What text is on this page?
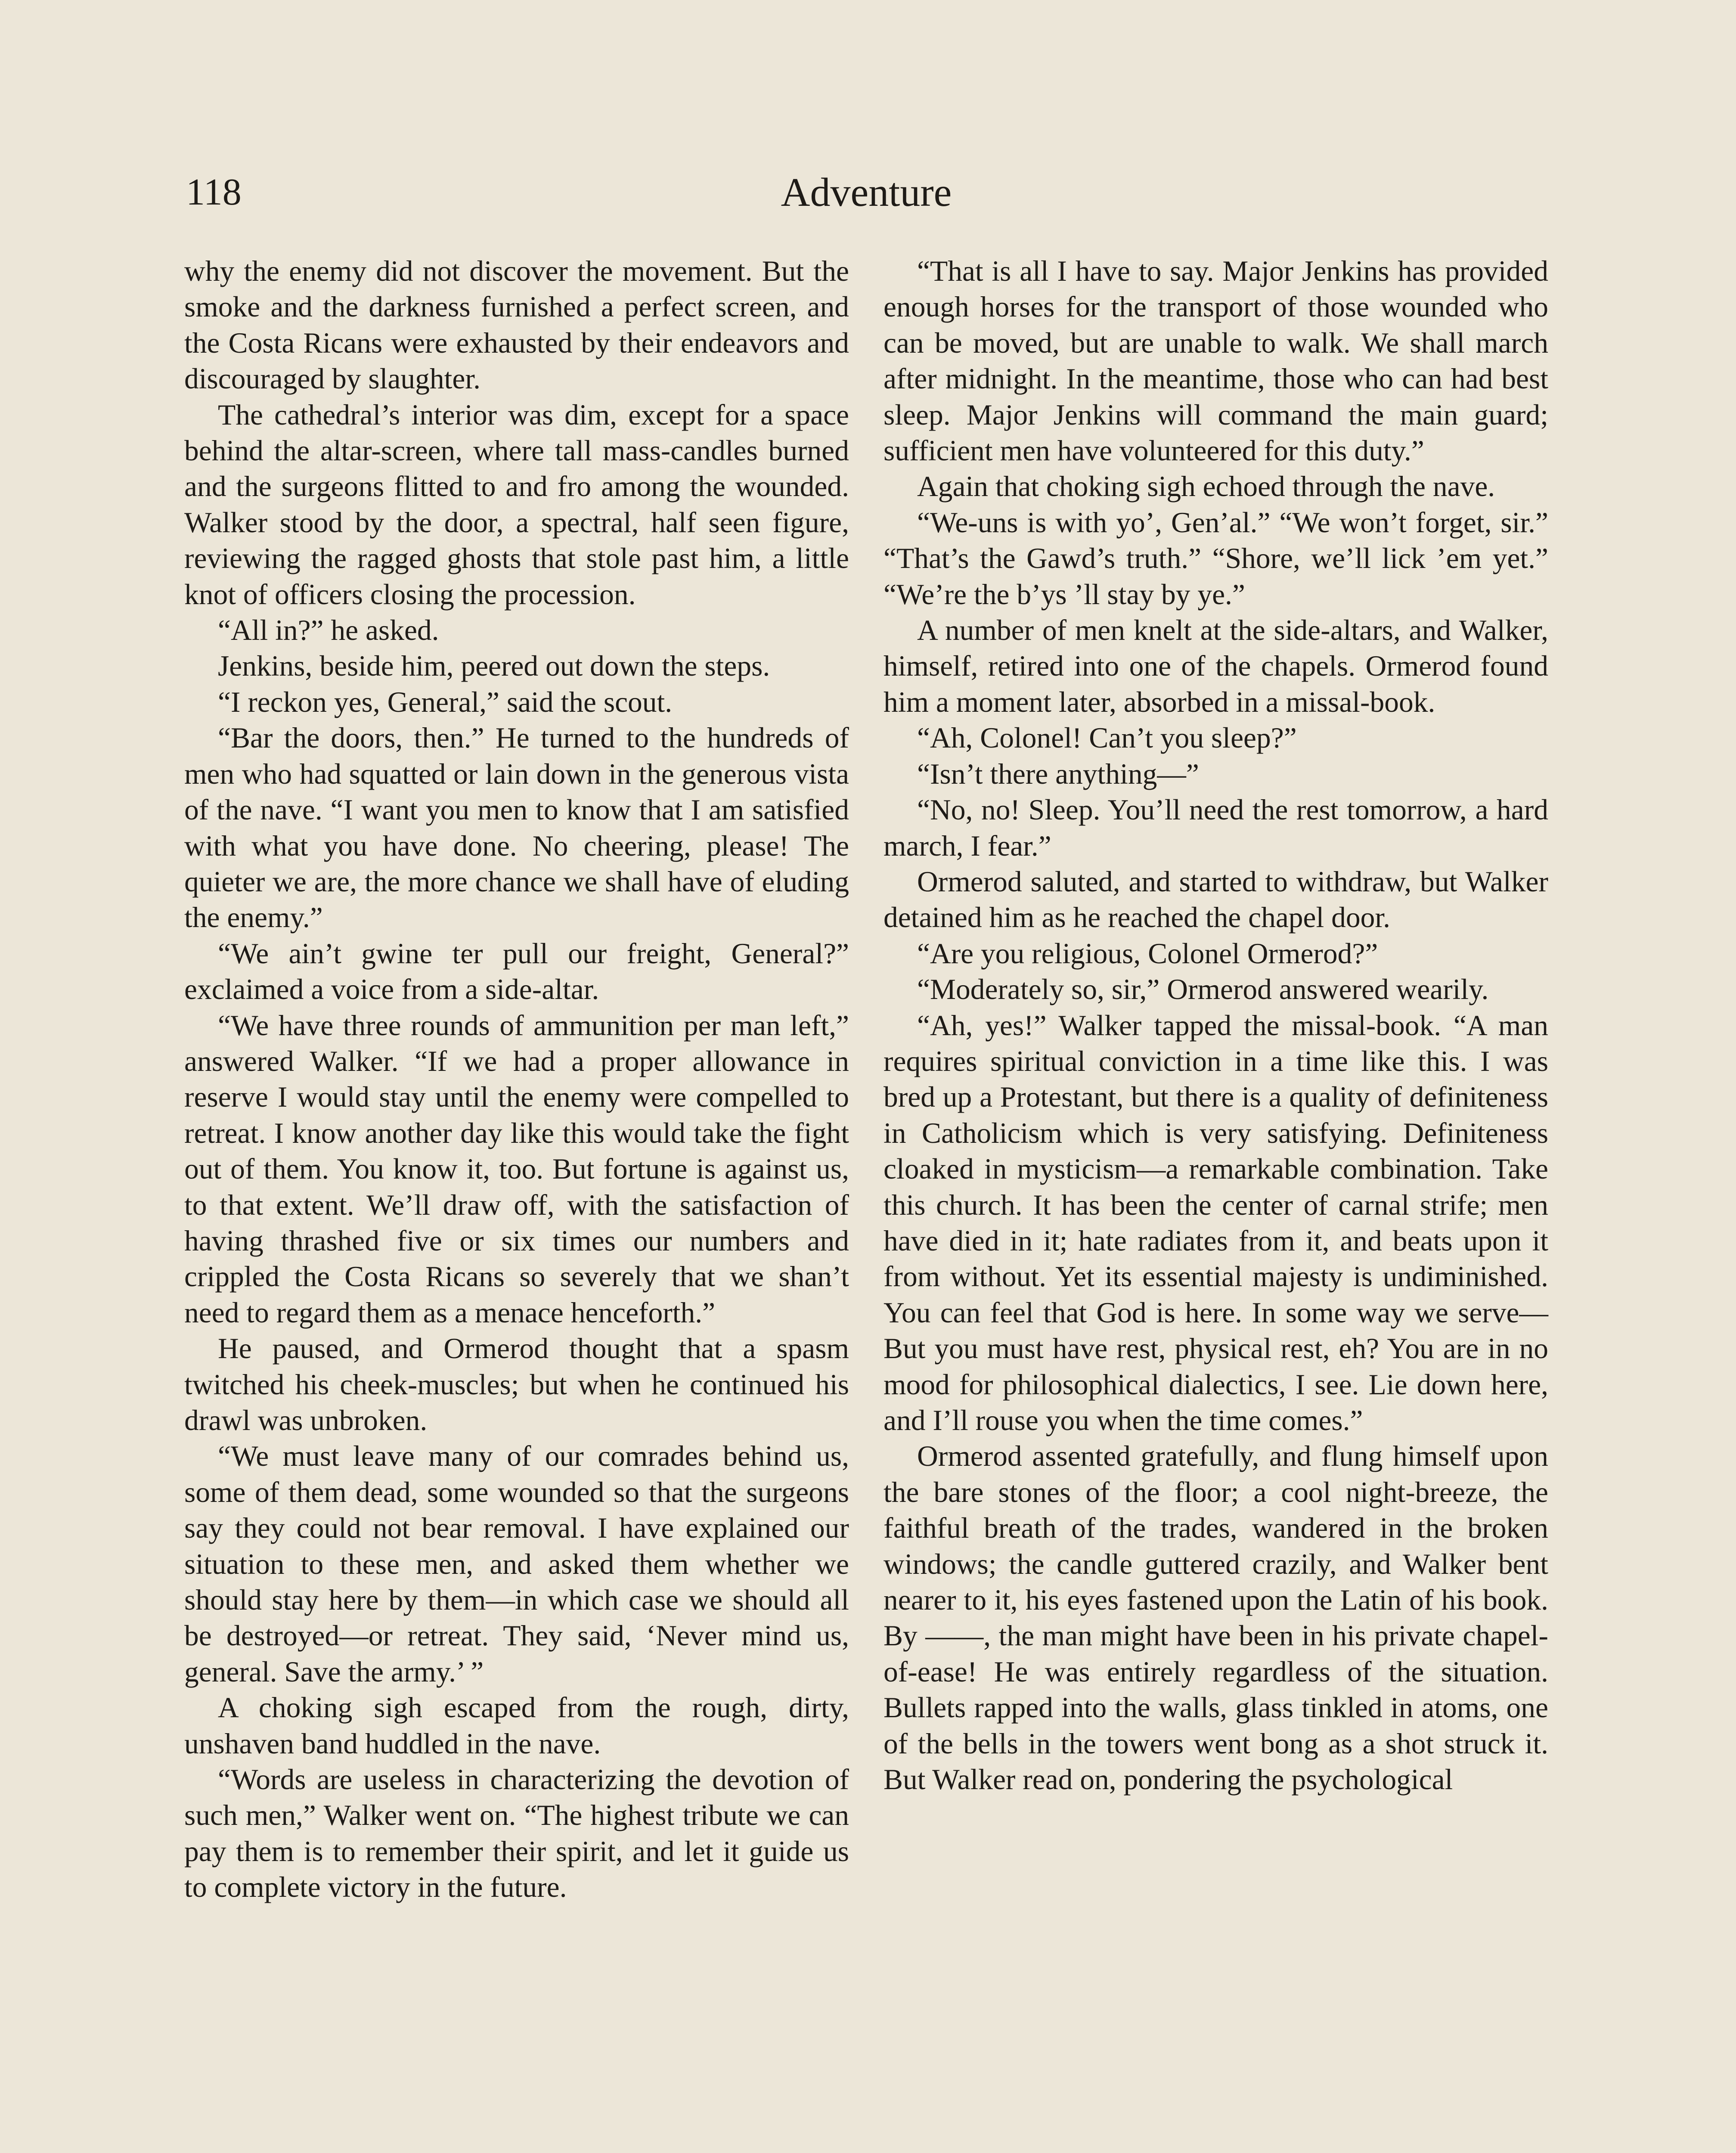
118	Adventure

why the enemy did not discover the movement. But the smoke and the darkness furnished a perfect screen, and the Costa Ricans were exhausted by their endeavors and discouraged by slaughter.

The cathedral’s interior was dim, except for a space behind the altar-screen, where tall mass-candles burned and the surgeons flitted to and fro among the wounded. Walker stood by the door, a spectral, half seen figure, reviewing the ragged ghosts that stole past him, a little knot of officers closing the procession.

“All in?” he asked.

Jenkins, beside him, peered out down the steps.

“I reckon yes, General,” said the scout.

“Bar the doors, then.” He turned to the hundreds of men who had squatted or lain down in the generous vista of the nave. “I want you men to know that I am satisfied with what you have done. No cheering, please! The quieter we are, the more chance we shall have of eluding the enemy.”

“We ain’t gwine ter pull our freight, General?” exclaimed a voice from a side-altar.

“We have three rounds of ammunition per man left,” answered Walker. “If we had a proper allowance in reserve I would stay until the enemy were compelled to retreat. I know another day like this would take the fight out of them. You know it, too. But fortune is against us, to that extent. We’ll draw off, with the satisfaction of having thrashed five or six times our numbers and crippled the Costa Ricans so severely that we shan’t need to regard them as a menace henceforth.”

He paused, and Ormerod thought that a spasm twitched his cheek-muscles; but when he continued his drawl was unbroken.

“We must leave many of our comrades behind us, some of them dead, some wounded so that the surgeons say they could not bear removal. I have explained our situation to these men, and asked them whether we should stay here by them—in which case we should all be destroyed—or retreat. They said, ‘Never mind us, general. Save the army.’ ”

A choking sigh escaped from the rough, dirty, unshaven band huddled in the nave.

“Words are useless in characterizing the devotion of such men,” Walker went on. “The highest tribute we can pay them is to remember their spirit, and let it guide us to complete victory in the future.

“That is all I have to say. Major Jenkins has provided enough horses for the transport of those wounded who can be moved, but are unable to walk. We shall march after midnight. In the meantime, those who can had best sleep. Major Jenkins will command the main guard; sufficient men have volunteered for this duty.”

Again that choking sigh echoed through the nave.

“We-uns is with yo’, Gen’al.” “We won’t forget, sir.” “That’s the Gawd’s truth.” “Shore, we’ll lick ’em yet.” “We’re the b’ys ’ll stay by ye.”

A number of men knelt at the side-altars, and Walker, himself, retired into one of the chapels. Ormerod found him a moment later, absorbed in a missal-book.

“Ah, Colonel! Can’t you sleep?”

“Isn’t there anything—”

“No, no! Sleep. You’ll need the rest tomorrow, a hard march, I fear.”

Ormerod saluted, and started to withdraw, but Walker detained him as he reached the chapel door.

“Are you religious, Colonel Ormerod?”

“Moderately so, sir,” Ormerod answered wearily.

“Ah, yes!” Walker tapped the missal-book. “A man requires spiritual conviction in a time like this. I was bred up a Protestant, but there is a quality of definiteness in Catholicism which is very satisfying. Definiteness cloaked in mysticism—a remarkable combination. Take this church. It has been the center of carnal strife; men have died in it; hate radiates from it, and beats upon it from without. Yet its essential majesty is undiminished. You can feel that God is here. In some way we serve— But you must have rest, physical rest, eh? You are in no mood for philosophical dialectics, I see. Lie down here, and I’ll rouse you when the time comes.”

Ormerod assented gratefully, and flung himself upon the bare stones of the floor; a cool night-breeze, the faithful breath of the trades, wandered in the broken windows; the candle guttered crazily, and Walker bent nearer to it, his eyes fastened upon the Latin of his book. By ——, the man might have been in his private chapel-of-ease! He was entirely regardless of the situation. Bullets rapped into the walls, glass tinkled in atoms, one of the bells in the towers went bong as a shot struck it. But Walker read on, pondering the psychological
